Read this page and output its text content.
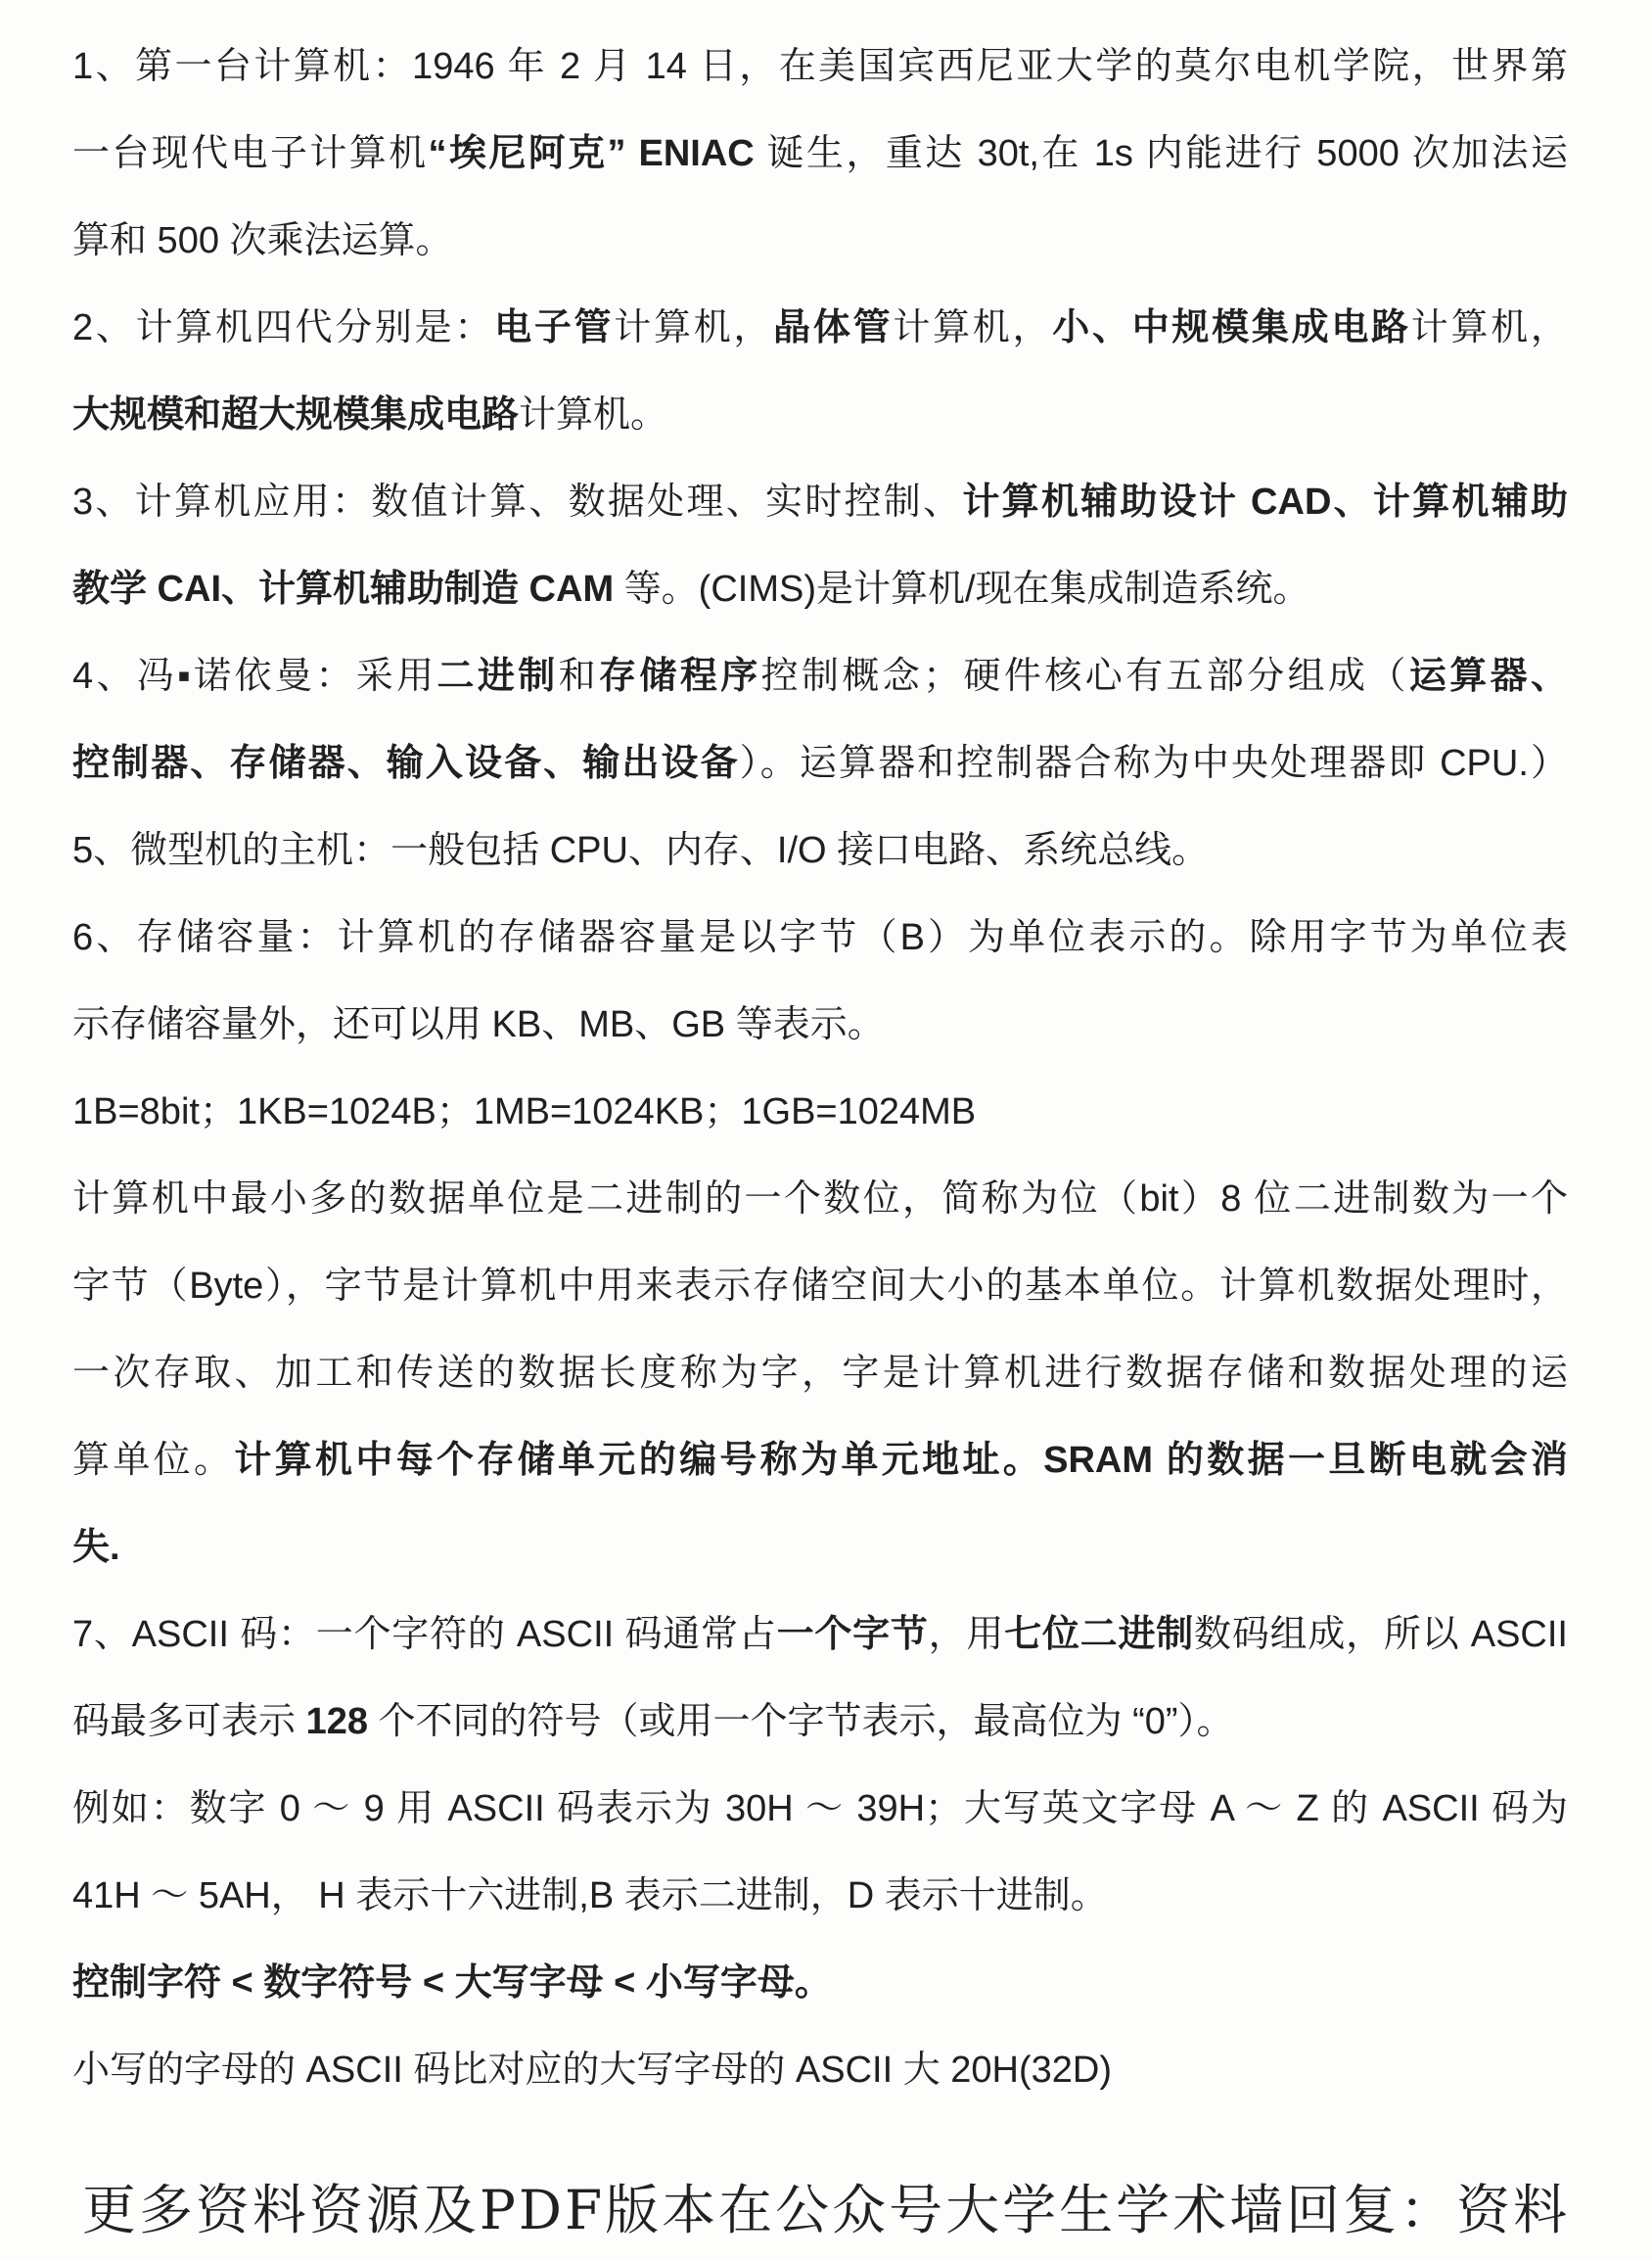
1、第一台计算机：1946 年 2 月 14 日，在美国宾西尼亚大学的莫尔电机学院，世界第
一台现代电子计算机“埃尼阿克” ENIAC 诞生，重达 30t,在 1s 内能进行 5000 次加法运
算和 500 次乘法运算。
2、计算机四代分别是：电子管计算机，晶体管计算机，小、中规模集成电路计算机，
大规模和超大规模集成电路计算机。
3、计算机应用：数值计算、数据处理、实时控制、计算机辅助设计 CAD、计算机辅助
教学 CAI、计算机辅助制造 CAM 等。(CIMS)是计算机/现在集成制造系统。
4、冯▪诺依曼：采用二进制和存储程序控制概念；硬件核心有五部分组成（运算器、
控制器、存储器、输入设备、输出设备）。运算器和控制器合称为中央处理器即 CPU.）
5、微型机的主机：一般包括 CPU、内存、I/O 接口电路、系统总线。
6、存储容量：计算机的存储器容量是以字节（B）为单位表示的。除用字节为单位表
示存储容量外，还可以用 KB、MB、GB 等表示。
1B=8bit；1KB=1024B；1MB=1024KB；1GB=1024MB
计算机中最小多的数据单位是二进制的一个数位，简称为位（bit）8 位二进制数为一个
字节（Byte），字节是计算机中用来表示存储空间大小的基本单位。计算机数据处理时，
一次存取、加工和传送的数据长度称为字，字是计算机进行数据存储和数据处理的运
算单位。计算机中每个存储单元的编号称为单元地址。SRAM 的数据一旦断电就会消
失.
7、ASCII 码：一个字符的 ASCII 码通常占一个字节，用七位二进制数码组成，所以 ASCII
码最多可表示 128 个不同的符号（或用一个字节表示，最高位为 “0”）。
例如：数字 0 ～ 9 用 ASCII 码表示为 30H ～ 39H；大写英文字母 A ～ Z 的 ASCII 码为
41H ～ 5AH， H 表示十六进制,B 表示二进制，D 表示十进制。
控制字符 < 数字符号 < 大写字母 < 小写字母。
小写的字母的 ASCII 码比对应的大写字母的 ASCII 大 20H(32D)
更多资料资源及PDF版本在公众号大学生学术墙回复：资料
